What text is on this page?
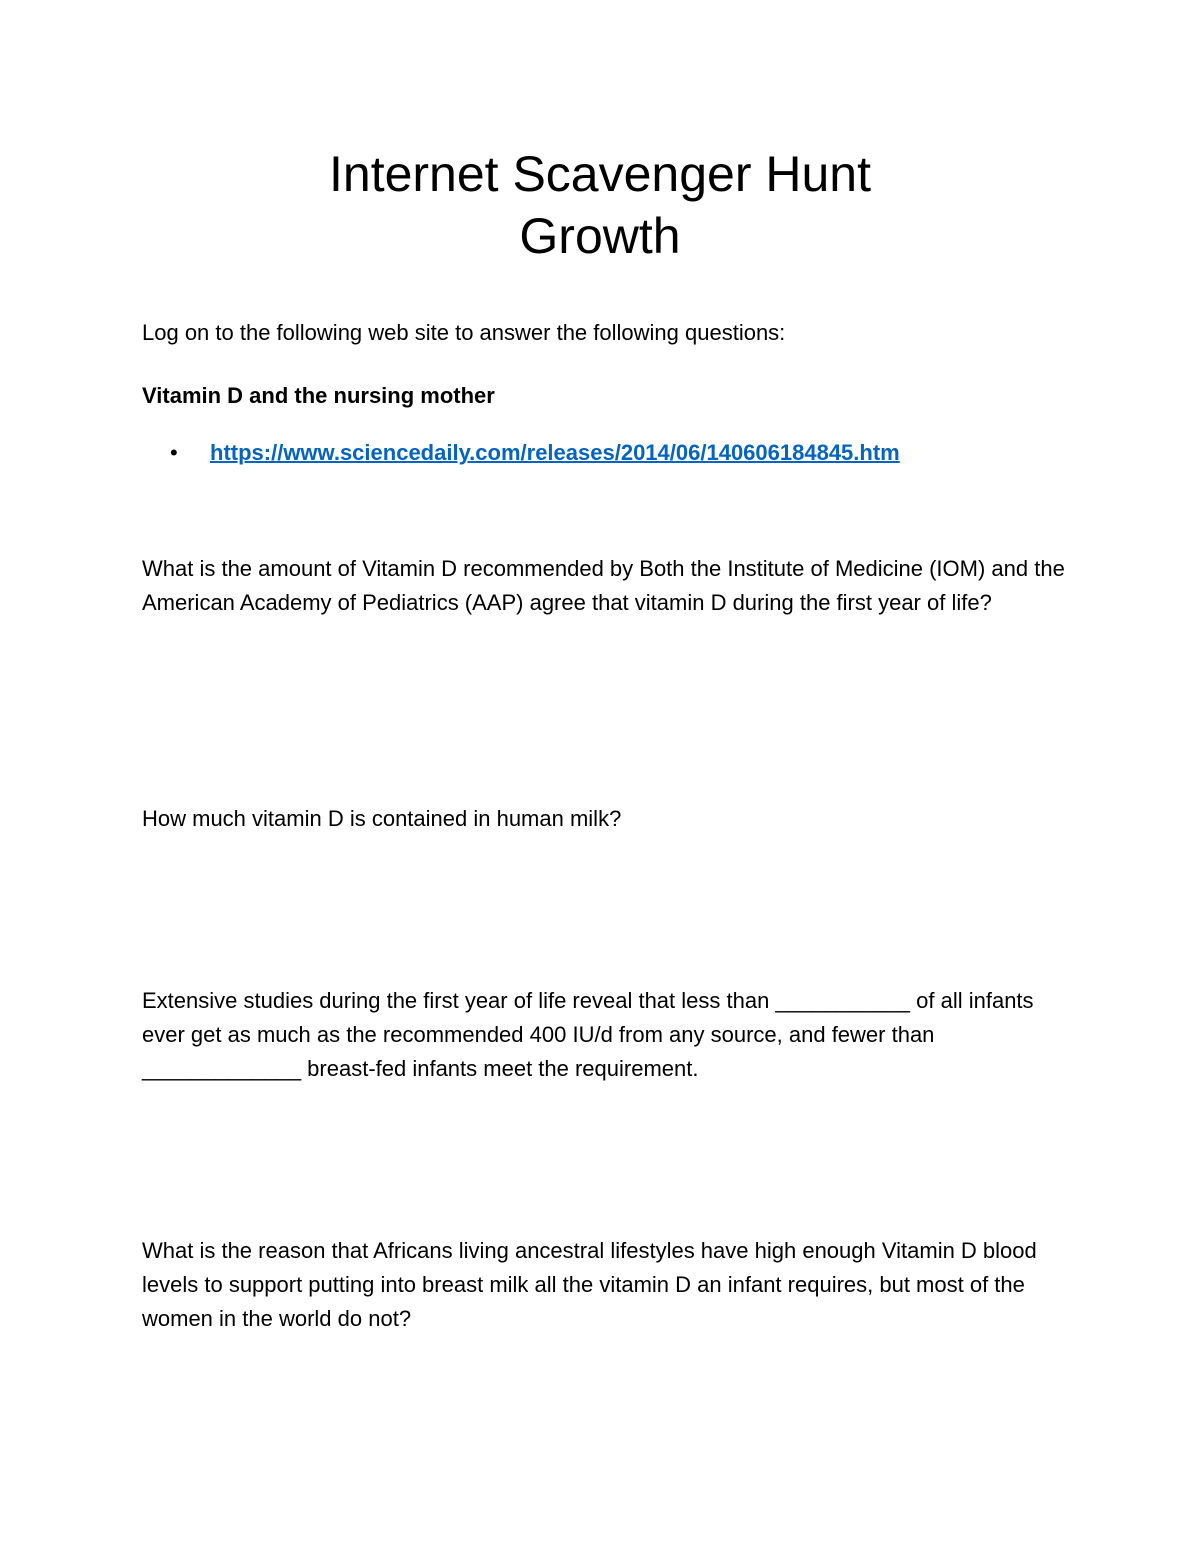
Internet Scavenger Hunt
Growth

Log on to the following web site to answer the following questions:

Vitamin D and the nursing mother

• https://www.sciencedaily.com/releases/2014/06/140606184845.htm

What is the amount of Vitamin D recommended by Both the Institute of Medicine (IOM) and the American Academy of Pediatrics (AAP) agree that vitamin D during the first year of life?

How much vitamin D is contained in human milk?

Extensive studies during the first year of life reveal that less than ___________ of all infants ever get as much as the recommended 400 IU/d from any source, and fewer than _____________ breast-fed infants meet the requirement.

What is the reason that Africans living ancestral lifestyles have high enough Vitamin D blood levels to support putting into breast milk all the vitamin D an infant requires, but most of the women in the world do not?
